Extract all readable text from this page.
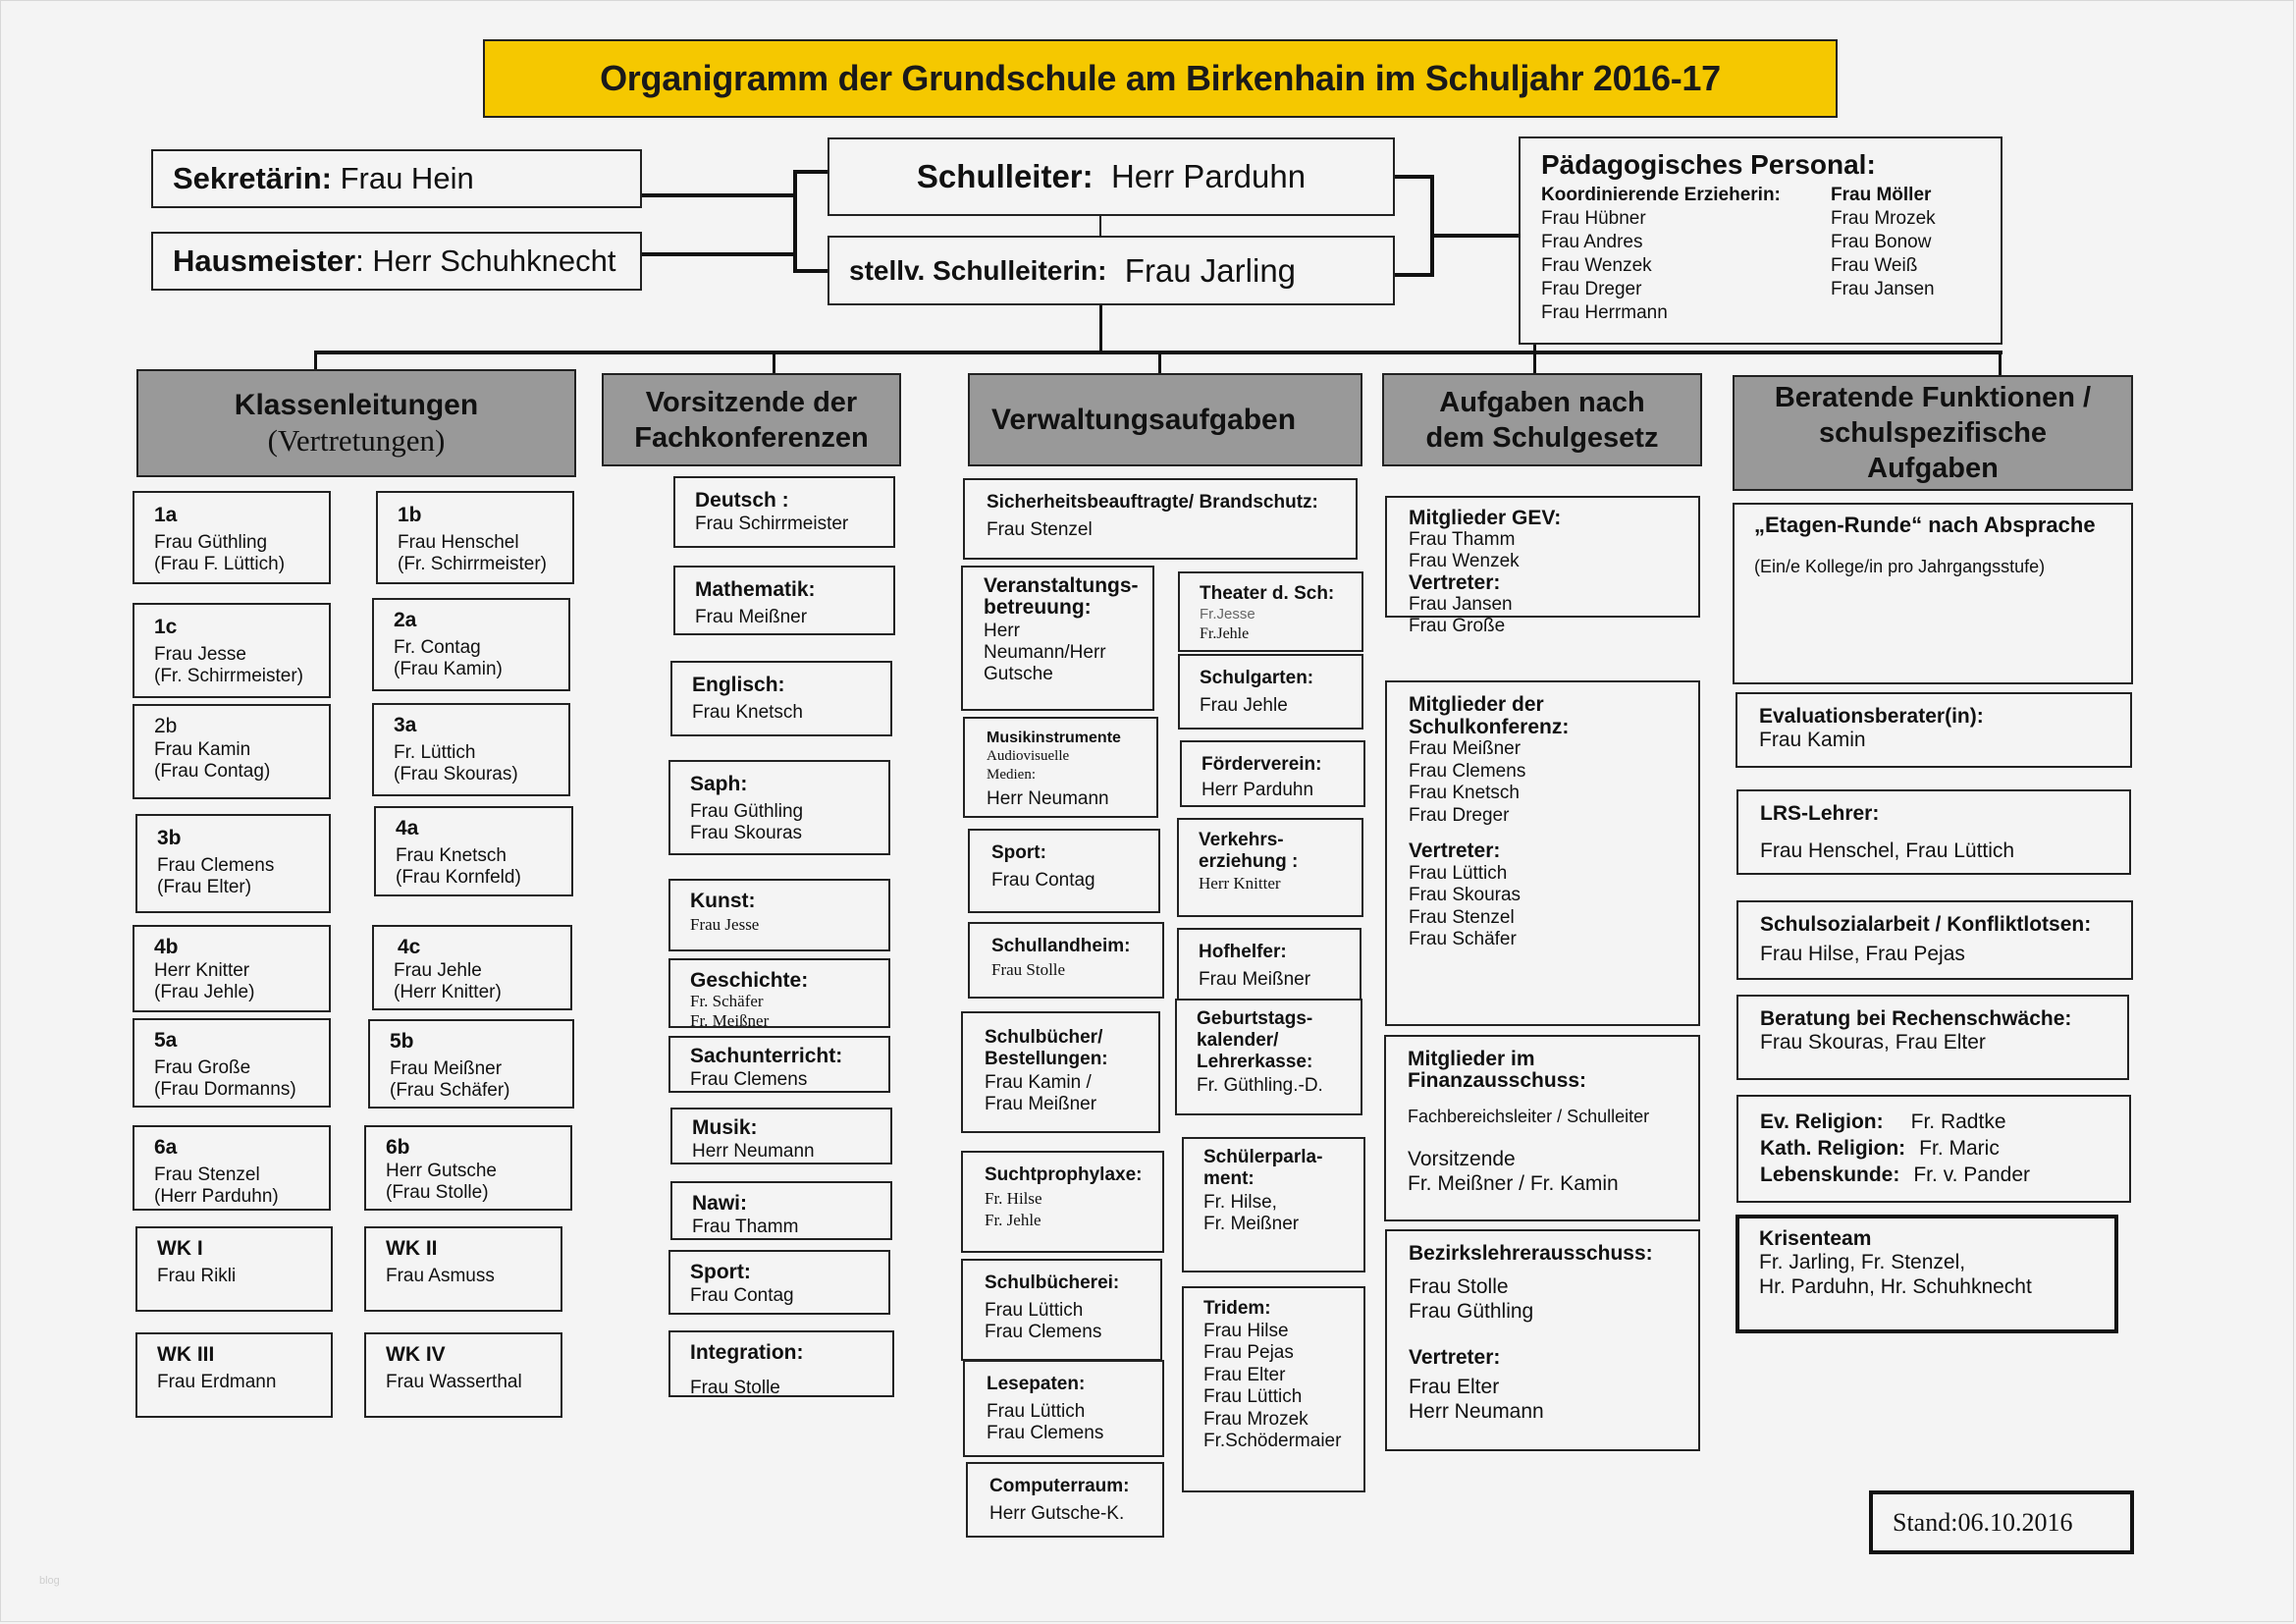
Organigramm der Grundschule am Birkenhain im Schuljahr 2016-17
Sekretärin: Frau Hein
Hausmeister : Herr Schuhknecht
Schulleiter: Herr Parduhn
stellv. Schulleiterin: Frau Jarling
Pädagogisches Personal:
Koordinierende Erzieherin:
Frau Hübner
Frau Andres
Frau Wenzek
Frau Dreger
Frau Herrmann
Frau Möller
Frau Mrozek
Frau Bonow
Frau Weiß
Frau Jansen
Klassenleitungen
(Vertretungen)
Vorsitzende der
Fachkonferenzen
Verwaltungsaufgaben
Aufgaben nach
dem Schulgesetz
Beratende Funktionen /
schulspezifische
Aufgaben
1a
Frau Güthling
(Frau F. Lüttich)
1b
Frau Henschel
(Fr. Schirrmeister)
1c
Frau Jesse
(Fr. Schirrmeister)
2a
Fr. Contag
(Frau Kamin)
2b
Frau Kamin
(Frau Contag)
3a
Fr. Lüttich
(Frau Skouras)
3b
Frau Clemens
(Frau Elter)
4a
Frau Knetsch
(Frau Kornfeld)
4b
Herr Knitter
(Frau Jehle)
4c
Frau Jehle
(Herr Knitter)
5a
Frau Große
(Frau Dormanns)
5b
Frau Meißner
(Frau Schäfer)
6a
Frau Stenzel
(Herr Parduhn)
6b
Herr Gutsche
(Frau Stolle)
WK I
Frau Rikli
WK II
Frau Asmuss
WK III
Frau Erdmann
WK IV
Frau Wasserthal
Deutsch :
Frau Schirrmeister
Mathematik:
Frau Meißner
Englisch:
Frau Knetsch
Saph:
Frau Güthling
Frau Skouras
Kunst:
Frau Jesse
Geschichte:
Fr. Schäfer
Fr. Meißner
Sachunterricht:
Frau Clemens
Musik:
Herr Neumann
Nawi:
Frau Thamm
Sport:
Frau Contag
Integration:
Frau Stolle
Sicherheitsbeauftragte/ Brandschutz:
Frau Stenzel
Veranstaltungs-
betreuung:
Herr
Neumann/Herr
Gutsche
Musikinstrumente
Audiovisuelle
Medien:
Herr Neumann
Sport:
Frau Contag
Schullandheim:
Frau Stolle
Schulbücher/
Bestellungen:
Frau Kamin /
Frau Meißner
Suchtprophylaxe:
Fr. Hilse
Fr. Jehle
Schulbücherei:
Frau Lüttich
Frau Clemens
Lesepaten:
Frau Lüttich
Frau Clemens
Computerraum:
Herr Gutsche-K.
Theater d. Sch:
Fr.Jesse
Fr.Jehle
Schulgarten:
Frau Jehle
Förderverein:
Herr Parduhn
Verkehrs-
erziehung :
Herr Knitter
Hofhelfer:
Frau Meißner
Geburtstags-
kalender/
Lehrerkasse:
Fr. Güthling.-D.
Schülerparla-
ment:
Fr. Hilse,
Fr. Meißner
Tridem:
Frau Hilse
Frau Pejas
Frau Elter
Frau Lüttich
Frau Mrozek
Fr.Schödermaier
Mitglieder GEV:
Frau Thamm
Frau Wenzek
Vertreter:
Frau Jansen
Frau Große
Mitglieder der
Schulkonferenz:
Frau Meißner
Frau Clemens
Frau Knetsch
Frau Dreger
Vertreter:
Frau Lüttich
Frau Skouras
Frau Stenzel
Frau Schäfer
Mitglieder im
Finanzausschuss:
Fachbereichsleiter / Schulleiter
Vorsitzende
Fr. Meißner / Fr. Kamin
Bezirkslehrerausschuss:
Frau Stolle
Frau Güthling
Vertreter:
Frau Elter
Herr Neumann
„Etagen-Runde“ nach Absprache
(Ein/e Kollege/in pro Jahrgangsstufe)
Evaluationsberater(in):
Frau Kamin
LRS-Lehrer:
Frau Henschel, Frau Lüttich
Schulsozialarbeit / Konfliktlotsen:
Frau Hilse, Frau Pejas
Beratung bei Rechenschwäche:
Frau Skouras, Frau Elter
Ev. Religion: Fr. Radtke
Kath. Religion: Fr. Maric
Lebenskunde: Fr. v. Pander
Krisenteam
Fr. Jarling, Fr. Stenzel,
Hr. Parduhn, Hr. Schuhknecht
Stand:06.10.2016
blog
